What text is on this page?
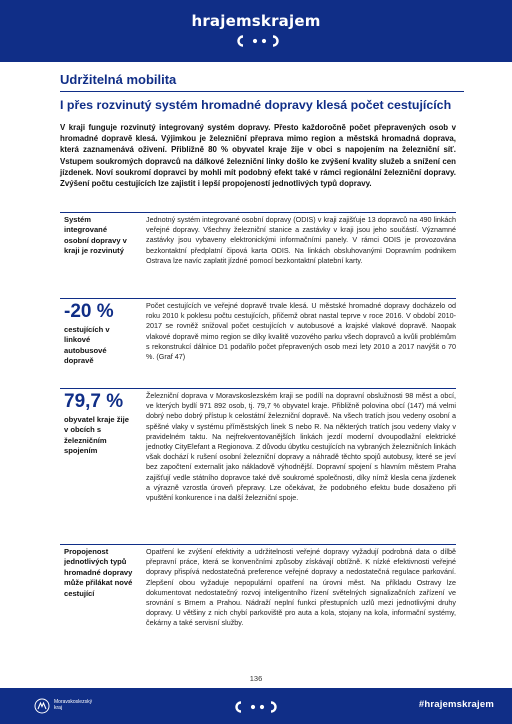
hrajemskrajem
Udržitelná mobilita
I přes rozvinutý systém hromadné dopravy klesá počet cestujících
V kraji funguje rozvinutý integrovaný systém dopravy. Přesto každoročně počet přepravených osob v hromadné dopravě klesá. Výjimkou je železniční přeprava mimo region a městská hromadná doprava, která zaznamenává oživení. Přibližně 80 % obyvatel kraje žije v obci s napojením na železniční síť. Vstupem soukromých dopravců na dálkové železniční linky došlo ke zvýšení kvality služeb a snížení cen jízdenek. Noví soukromí dopravci by mohli mít podobný efekt také v rámci regionální železniční dopravy. Zvýšení počtu cestujících lze zajistit i lepší propojeností jednotlivých typů dopravy.
Systém integrované osobní dopravy v kraji je rozvinutý
Jednotný systém integrované osobní dopravy (ODIS) v kraji zajišťuje 13 dopravců na 490 linkách veřejné dopravy. Všechny železniční stanice a zastávky v kraji jsou jeho součástí. Významné zastávky jsou vybaveny elektronickými informačními panely. V rámci ODIS je provozována bezkontaktní předplatní čipová karta ODIS. Na linkách obsluhovanými Dopravním podnikem Ostrava lze navíc zaplatit jízdné pomocí bezkontaktní platební karty.
-20 %
cestujících v linkové autobusové dopravě
Počet cestujících ve veřejné dopravě trvale klesá. U městské hromadné dopravy docházelo od roku 2010 k poklesu počtu cestujících, přičemž obrat nastal teprve v roce 2016. V období 2010-2017 se rovněž snižoval počet cestujících v autobusové a krajské vlakové dopravě. Naopak vlakové dopravě mimo region se díky kvalitě vozového parku všech dopravců a kvůli problémům s rekonstrukcí dálnice D1 podařilo počet přepravených osob mezi lety 2010 a 2017 navýšit o 70 %. (Graf 47)
79,7 %
obyvatel kraje žije v obcích s železničním spojením
Železniční doprava v Moravskoslezském kraji se podílí na dopravní obslužnosti 98 měst a obcí, ve kterých bydlí 971 892 osob, tj. 79,7 % obyvatel kraje. Přibližně polovina obcí (147) má velmi dobrý nebo dobrý přístup k celostátní železniční dopravě. Na všech tratích jsou vedeny osobní a spěšné vlaky v systému příměstských linek S nebo R. Na některých tratích jsou vedeny vlaky v pravidelném taktu. Na nejfrekventovanějších linkách jezdí moderní dvoupodlažní elektrické jednotky CityElefant a Regionova. Z důvodu úbytku cestujících na vybraných železničních linkách však dochází k rušení osobní železniční dopravy a náhradě těchto spojů autobusy, které se jeví bez započtení externalit jako nákladově výhodnější. Dopravní spojení s hlavním městem Praha zajišťují vedle státního dopravce také dvě soukromé společnosti, díky nímž klesla cena jízdenek a výrazně vzrostla úroveň přepravy. Lze očekávat, že podobného efektu bude dosaženo při vpuštění konkurence i na další železniční spoje.
Propojenost jednotlivých typů hromadné dopravy může přilákat nové cestující
Opatření ke zvýšení efektivity a udržitelnosti veřejné dopravy vyžadují podrobná data o dílbě přepravní práce, která se konvenčními způsoby získávají obtížně. K nízké efektivnosti veřejné dopravy přispívá nedostatečná preference veřejné dopravy a nedostatečná regulace parkování. Zlepšení obou vyžaduje nepopulární opatření na úrovni měst. Na příkladu Ostravy lze dokumentovat nedostatečný rozvoj inteligentního řízení světelných signalizačních zařízení ve srovnání s Brnem a Prahou. Nádraží neplní funkci přestupních uzlů mezi jednotlivými druhy dopravy. U většiny z nich chybí parkoviště pro auta a kola, stojany na kola, informační systémy, čekárny a také servisní služby.
136
Moravskoslezský kraj	#hrajemskrajem
